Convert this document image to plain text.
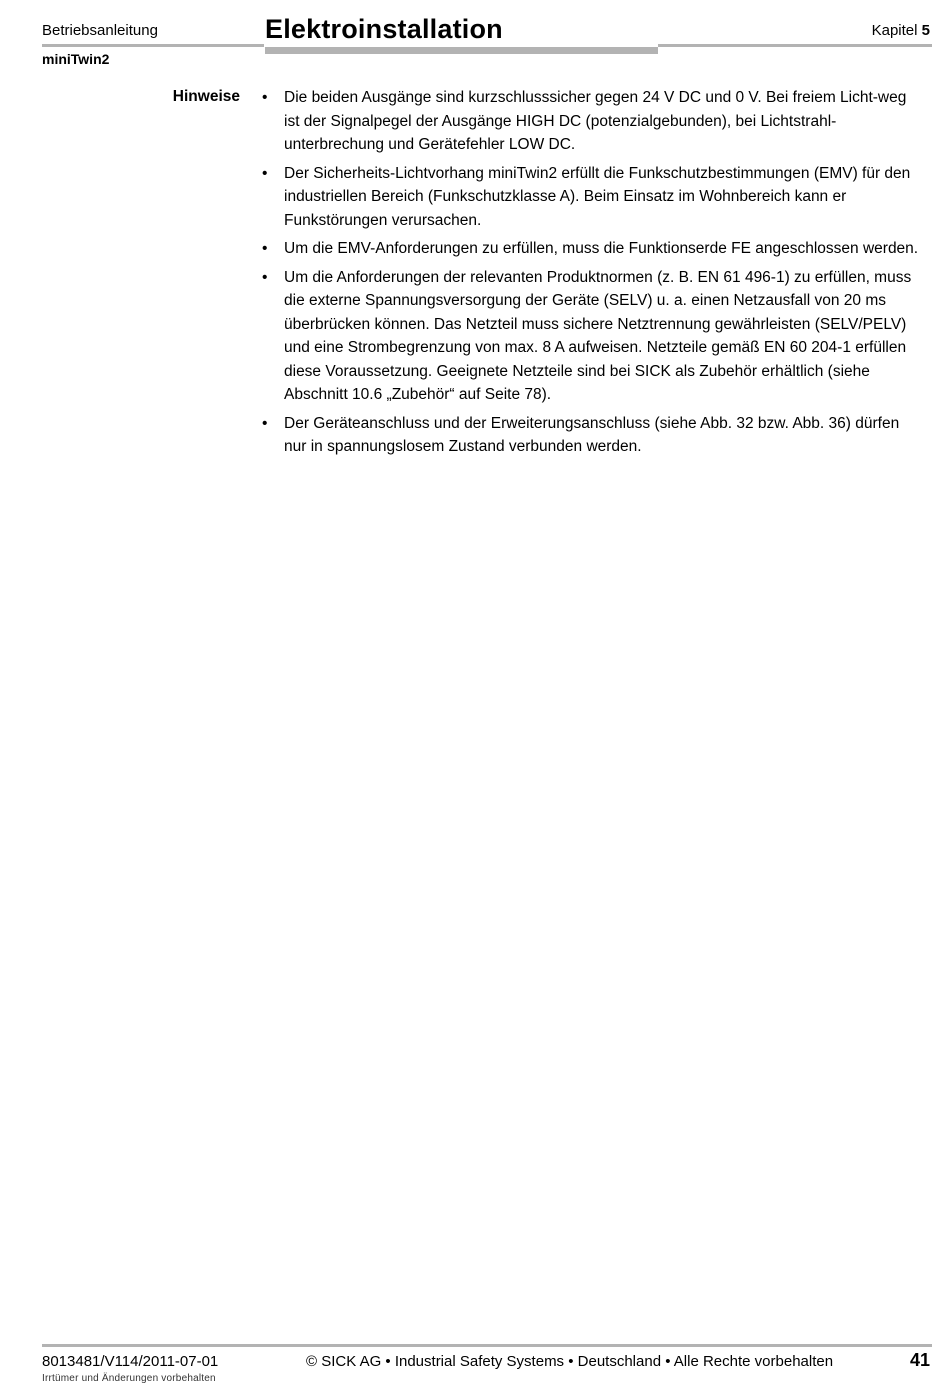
Betriebsanleitung
miniTwin2
Elektroinstallation	Kapitel 5
Hinweise • Die beiden Ausgänge sind kurzschlusssicher gegen 24 V DC und 0 V. Bei freiem Licht-weg ist der Signalpegel der Ausgänge HIGH DC (potenzialgebunden), bei Lichtstrahl-unterbrechung und Gerätefehler LOW DC.
• Der Sicherheits-Lichtvorhang miniTwin2 erfüllt die Funkschutzbestimmungen (EMV) für den industriellen Bereich (Funkschutzklasse A). Beim Einsatz im Wohnbereich kann er Funkstörungen verursachen.
• Um die EMV-Anforderungen zu erfüllen, muss die Funktionserde FE angeschlossen werden.
• Um die Anforderungen der relevanten Produktnormen (z. B. EN 61 496-1) zu erfüllen, muss die externe Spannungsversorgung der Geräte (SELV) u. a. einen Netzausfall von 20 ms überbrücken können. Das Netzteil muss sichere Netztrennung gewährleisten (SELV/PELV) und eine Strombegrenzung von max. 8 A aufweisen. Netzteile gemäß EN 60 204-1 erfüllen diese Voraussetzung. Geeignete Netzteile sind bei SICK als Zubehör erhältlich (siehe Abschnitt 10.6 „Zubehör“ auf Seite 78).
• Der Geräteanschluss und der Erweiterungsanschluss (siehe Abb. 32 bzw. Abb. 36) dürfen nur in spannungslosem Zustand verbunden werden.
8013481/V114/2011-07-01	© SICK AG • Industrial Safety Systems • Deutschland • Alle Rechte vorbehalten	41
Irrtümer und Änderungen vorbehalten
